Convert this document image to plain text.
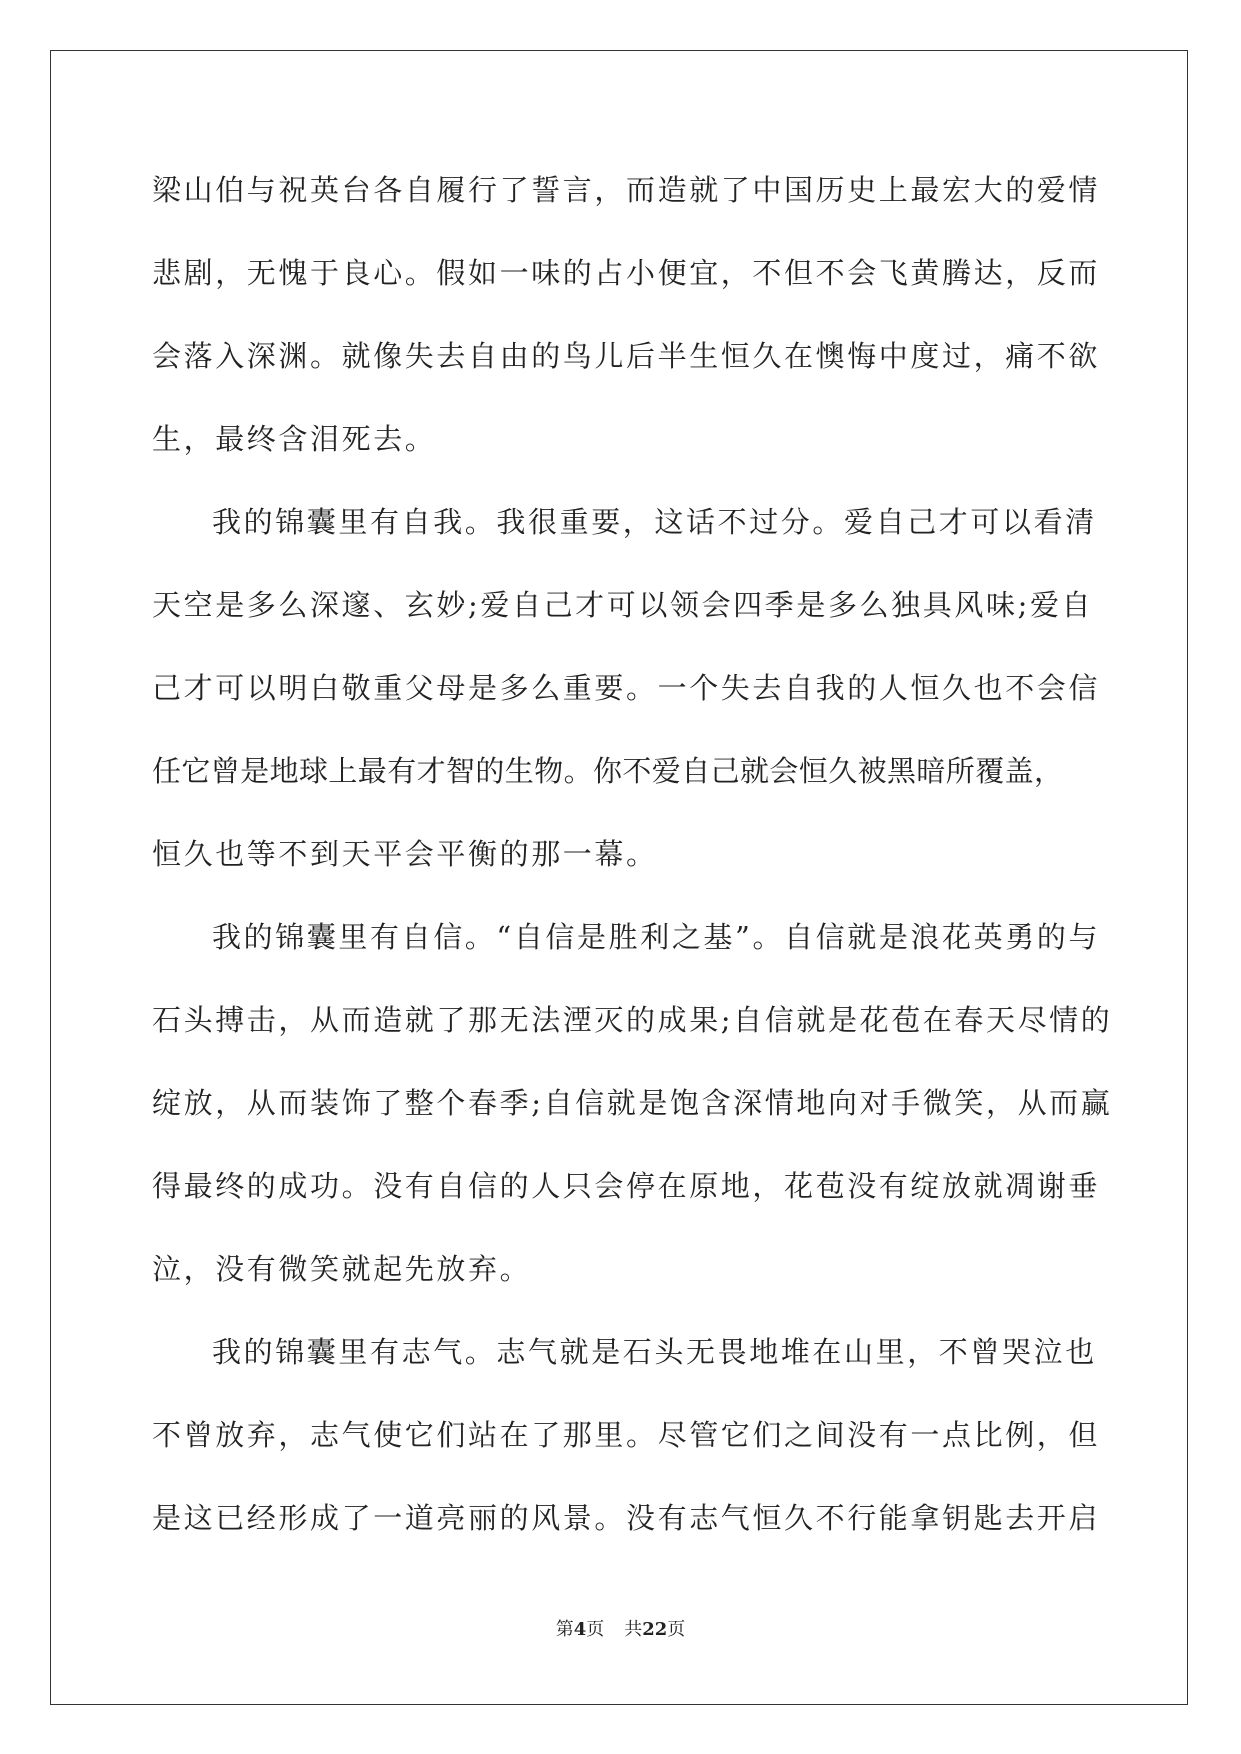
梁山伯与祝英台各自履行了誓言，而造就了中国历史上最宏大的爱情
悲剧，无愧于良心。假如一味的占小便宜，不但不会飞黄腾达，反而
会落入深渊。就像失去自由的鸟儿后半生恒久在懊悔中度过，痛不欲
生，最终含泪死去。
我的锦囊里有自我。我很重要，这话不过分。爱自己才可以看清
天空是多么深邃、玄妙;爱自己才可以领会四季是多么独具风味;爱自
己才可以明白敬重父母是多么重要。一个失去自我的人恒久也不会信
任它曾是地球上最有才智的生物。你不爱自己就会恒久被黑暗所覆盖，
恒久也等不到天平会平衡的那一幕。
我的锦囊里有自信。“自信是胜利之基”。自信就是浪花英勇的与
石头搏击，从而造就了那无法湮灭的成果;自信就是花苞在春天尽情的
绽放，从而装饰了整个春季;自信就是饱含深情地向对手微笑，从而赢
得最终的成功。没有自信的人只会停在原地，花苞没有绽放就凋谢垂
泣，没有微笑就起先放弃。
我的锦囊里有志气。志气就是石头无畏地堆在山里，不曾哭泣也
不曾放弃，志气使它们站在了那里。尽管它们之间没有一点比例，但
是这已经形成了一道亮丽的风景。没有志气恒久不行能拿钥匙去开启
第4页 共22页
